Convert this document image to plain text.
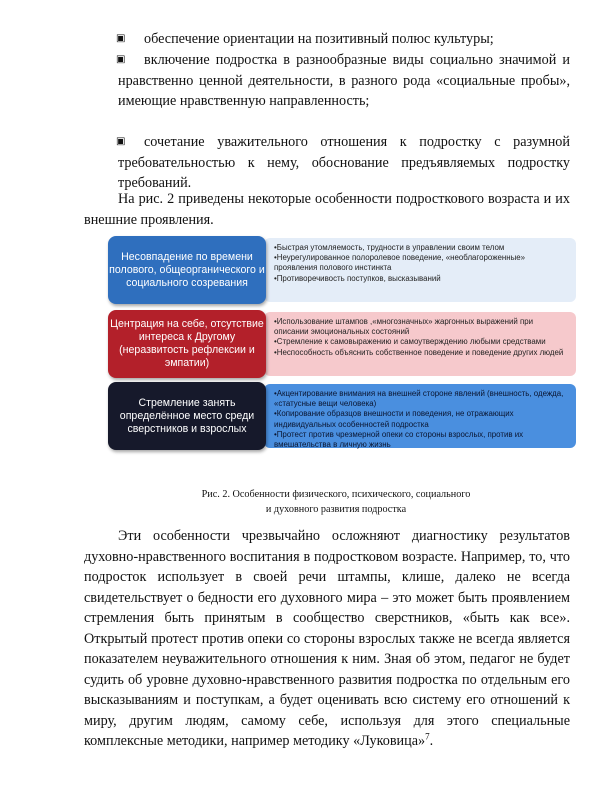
▣	обеспечение ориентации на позитивный полюс культуры;
▣	включение подростка в разнообразные виды социально значимой и нравственно ценной деятельности, в разного рода «социальные пробы», имеющие нравственную направленность;
▣	сочетание уважительного отношения к подростку с разумной требовательностью к нему, обоснование предъявляемых подростку требований.
На рис. 2 приведены некоторые особенности подросткового возраста и их внешние проявления.
•Быстрая утомляемость, трудности в управлении своим телом
•Неурегулированное полоролевое поведение, «необлагороженные» проявления полового инстинкта
•Противоречивость поступков, высказываний
Несовпадение по времени полового, общеорганического и социального созревания
•Использование штампов ,«многозначных» жаргонных выражений при описании эмоциональных состояний
•Стремление к самовыражению и самоутверждению любыми средствами
•Неспособность объяснить собственное поведение и поведение других людей
Центрация на себе, отсутствие интереса к Другому (неразвитость рефлексии и эмпатии)
•Акцентирование внимания на внешней стороне явлений (внешность, одежда, «статусные вещи человека)
•Копирование образцов внешности и поведения, не отражающих индивидуальных особенностей подростка
•Протест против чрезмерной опеки со стороны взрослых, против их вмешательства в личную жизнь
Стремление занять определённое место среди сверстников и взрослых
Рис. 2. Особенности физического, психического, социального
и духовного развития подростка
Эти особенности чрезвычайно осложняют диагностику результатов духовно-нравственного воспитания в подростковом возрасте. Например, то, что подросток использует в своей речи штампы, клише, далеко не всегда свидетельствует о бедности его духовного мира – это может быть проявлением стремления быть принятым в сообщество сверстников, «быть как все». Открытый протест против опеки со стороны взрослых также не всегда является показателем неуважительного отношения к ним. Зная об этом, педагог не будет судить об уровне духовно-нравственного развития подростка по отдельным его высказываниям и поступкам, а будет оценивать всю систему его отношений к миру, другим людям, самому себе, используя для этого специальные комплексные методики, например методику «Луковица»$^7$.
